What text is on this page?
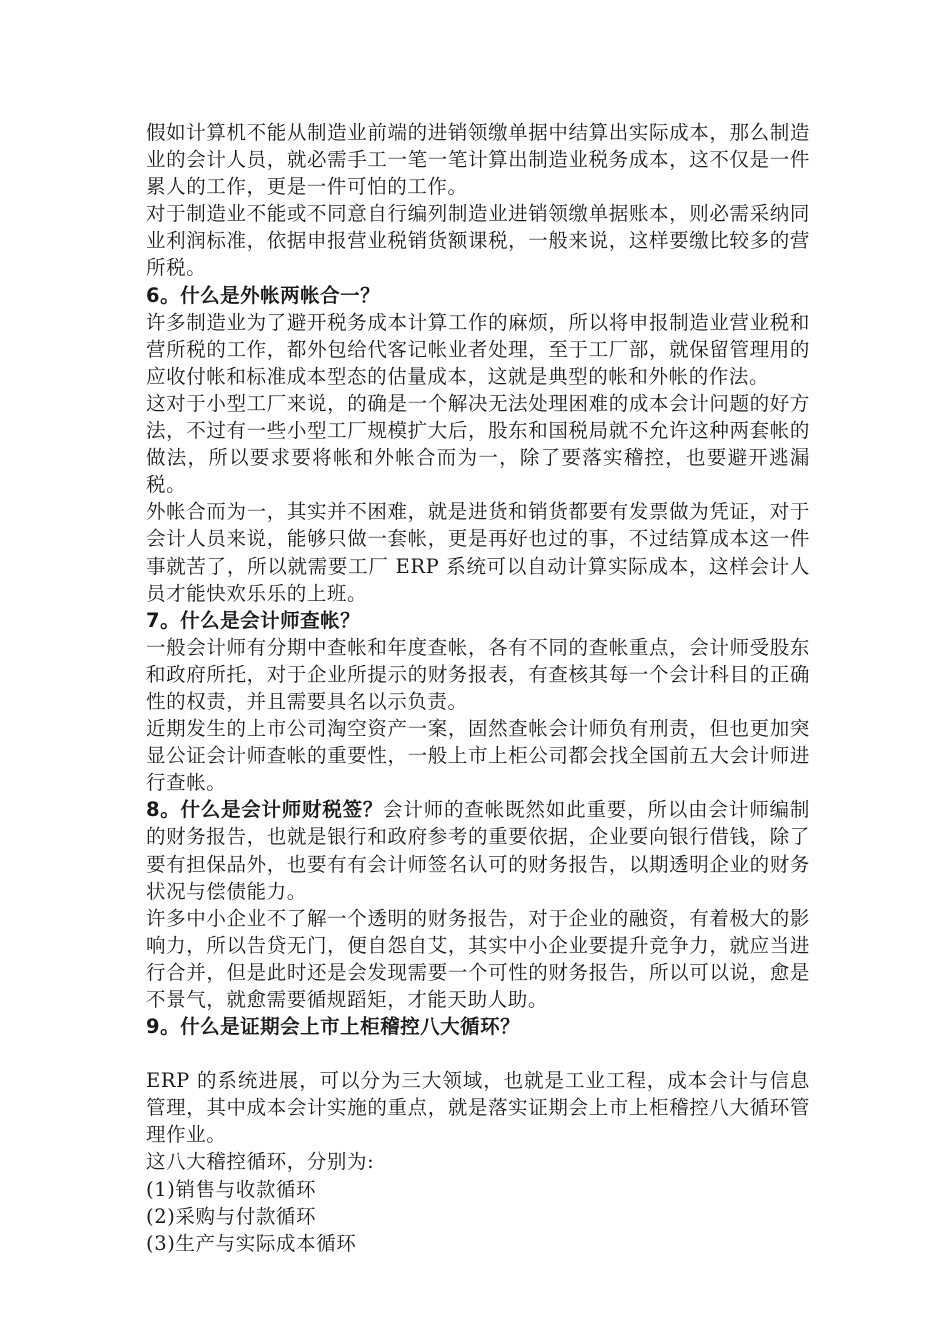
假如计算机不能从制造业前端的进销领缴单据中结算出实际成本，那么制造业的会计人员，就必需手工一笔一笔计算出制造业税务成本，这不仅是一件累人的工作，更是一件可怕的工作。

对于制造业不能或不同意自行编列制造业进销领缴单据账本，则必需采纳同业利润标准，依据申报营业税销货额课税，一般来说，这样要缴比较多的营所税。

6。什么是外帐两帐合一？

许多制造业为了避开税务成本计算工作的麻烦，所以将申报制造业营业税和营所税的工作，都外包给代客记帐业者处理，至于工厂部，就保留管理用的应收付帐和标准成本型态的估量成本，这就是典型的帐和外帐的作法。

这对于小型工厂来说，的确是一个解决无法处理困难的成本会计问题的好方法，不过有一些小型工厂规模扩大后，股东和国税局就不允许这种两套帐的做法，所以要求要将帐和外帐合而为一，除了要落实稽控，也要避开逃漏税。

外帐合而为一，其实并不困难，就是进货和销货都要有发票做为凭证，对于会计人员来说，能够只做一套帐，更是再好也过的事，不过结算成本这一件事就苦了，所以就需要工厂 ERP 系统可以自动计算实际成本，这样会计人员才能快欢乐乐的上班。

7。什么是会计师查帐？

一般会计师有分期中查帐和年度查帐，各有不同的查帐重点，会计师受股东和政府所托，对于企业所提示的财务报表，有查核其每一个会计科目的正确性的权责，并且需要具名以示负责。

近期发生的上市公司淘空资产一案，固然查帐会计师负有刑责，但也更加突显公证会计师查帐的重要性，一般上市上柜公司都会找全国前五大会计师进行查帐。

8。什么是会计师财税签？会计师的查帐既然如此重要，所以由会计师编制的财务报告，也就是银行和政府参考的重要依据，企业要向银行借钱，除了要有担保品外，也要有有会计师签名认可的财务报告，以期透明企业的财务状况与偿债能力。

许多中小企业不了解一个透明的财务报告，对于企业的融资，有着极大的影响力，所以告贷无门，便自怨自艾，其实中小企业要提升竞争力，就应当进行合并，但是此时还是会发现需要一个可性的财务报告，所以可以说，愈是不景气，就愈需要循规蹈矩，才能天助人助。

9。什么是证期会上市上柜稽控八大循环？

ERP 的系统进展，可以分为三大领域，也就是工业工程，成本会计与信息管理，其中成本会计实施的重点，就是落实证期会上市上柜稽控八大循环管理作业。

这八大稽控循环，分别为:

(1)销售与收款循环

(2)采购与付款循环

(3)生产与实际成本循环
